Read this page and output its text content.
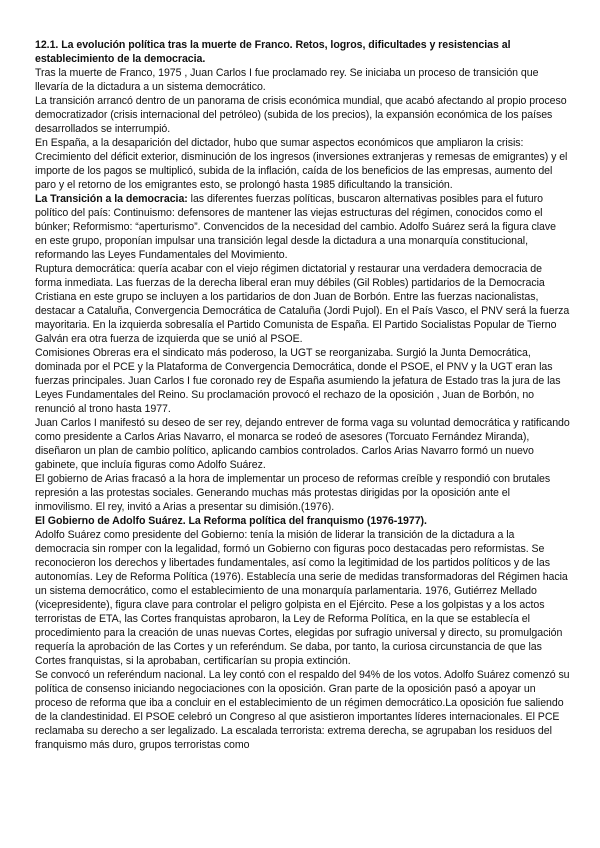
12.1. La evolución política tras la muerte de Franco. Retos, logros, dificultades y resistencias al establecimiento de la democracia.

Tras la muerte de Franco, 1975 , Juan Carlos I fue proclamado rey. Se iniciaba un proceso de transición que llevaría de la dictadura a un sistema democrático.

La transición arrancó dentro de un panorama de crisis económica mundial, que acabó afectando al propio proceso democratizador (crisis internacional del petróleo) (subida de los precios), la expansión económica de los países desarrollados se interrumpió.

En España, a la desaparición del dictador, hubo que sumar aspectos económicos que ampliaron la crisis: Crecimiento del déficit exterior, disminución de los ingresos (inversiones extranjeras y remesas de emigrantes) y el importe de los pagos se multiplicó, subida de la inflación, caída de los beneficios de las empresas, aumento del paro y el retorno de los emigrantes esto, se prolongó hasta 1985 dificultando la transición.

La Transición a la democracia: las diferentes fuerzas políticas, buscaron alternativas posibles para el futuro político del país: Continuismo: defensores de mantener las viejas estructuras del régimen, conocidos como el búnker; Reformismo: “aperturismo”. Convencidos de la necesidad del cambio. Adolfo Suárez será la figura clave en este grupo, proponían impulsar una transición legal desde la dictadura a una monarquía constitucional, reformando las Leyes Fundamentales del Movimiento.

Ruptura democrática: quería acabar con el viejo régimen dictatorial y restaurar una verdadera democracia de forma inmediata. Las fuerzas de la derecha liberal eran muy débiles (Gil Robles) partidarios de la Democracia Cristiana en este grupo se incluyen a los partidarios de don Juan de Borbón. Entre las fuerzas nacionalistas, destacar a Cataluña, Convergencia Democrática de Cataluña (Jordi Pujol). En el País Vasco, el PNV será la fuerza mayoritaria. En la izquierda sobresalía el Partido Comunista de España. El Partido Socialistas Popular de Tierno Galván era otra fuerza de izquierda que se unió al PSOE.

Comisiones Obreras era el sindicato más poderoso, la UGT se reorganizaba. Surgió la Junta Democrática, dominada por el PCE y la Plataforma de Convergencia Democrática, donde el PSOE, el PNV y la UGT eran las fuerzas principales. Juan Carlos I fue coronado rey de España asumiendo la jefatura de Estado tras la jura de las Leyes Fundamentales del Reino. Su proclamación provocó el rechazo de la oposición , Juan de Borbón, no renunció al trono hasta 1977.

Juan Carlos I manifestó su deseo de ser rey, dejando entrever de forma vaga su voluntad democrática y ratificando como presidente a Carlos Arias Navarro, el monarca se rodeó de asesores (Torcuato Fernández Miranda), diseñaron un plan de cambio político, aplicando cambios controlados. Carlos Arias Navarro formó un nuevo gabinete, que incluía figuras como Adolfo Suárez.

El gobierno de Arias fracasó a la hora de implementar un proceso de reformas creíble y respondió con brutales represión a las protestas sociales. Generando muchas más protestas dirigidas por la oposición ante el inmovilismo. El rey, invitó a Arias a presentar su dimisión.(1976).

El Gobierno de Adolfo Suárez. La Reforma política del franquismo (1976-1977).

Adolfo Suárez como presidente del Gobierno: tenía la misión de liderar la transición de la dictadura a la democracia sin romper con la legalidad, formó un Gobierno con figuras poco destacadas pero reformistas. Se reconocieron los derechos y libertades fundamentales, así como la legitimidad de los partidos políticos y de las autonomías. Ley de Reforma Política (1976). Establecía una serie de medidas transformadoras del Régimen hacia un sistema democrático, como el establecimiento de una monarquía parlamentaria. 1976, Gutiérrez Mellado (vicepresidente), figura clave para controlar el peligro golpista en el Ejército. Pese a los golpistas y a los actos terroristas de ETA, las Cortes franquistas aprobaron, la Ley de Reforma Política, en la que se establecía el procedimiento para la creación de unas nuevas Cortes, elegidas por sufragio universal y directo, su promulgación requería la aprobación de las Cortes y un referéndum. Se daba, por tanto, la curiosa circunstancia de que las Cortes franquistas, si la aprobaban, certificarían su propia extinción.

Se convocó un referéndum nacional. La ley contó con el respaldo del 94% de los votos. Adolfo Suárez comenzó su política de consenso iniciando negociaciones con la oposición. Gran parte de la oposición pasó a apoyar un proceso de reforma que iba a concluir en el establecimiento de un régimen democrático.La oposición fue saliendo de la clandestinidad. El PSOE celebró un Congreso al que asistieron importantes líderes internacionales. El PCE reclamaba su derecho a ser legalizado. La escalada terrorista: extrema derecha, se agrupaban los residuos del franquismo más duro, grupos terroristas como
